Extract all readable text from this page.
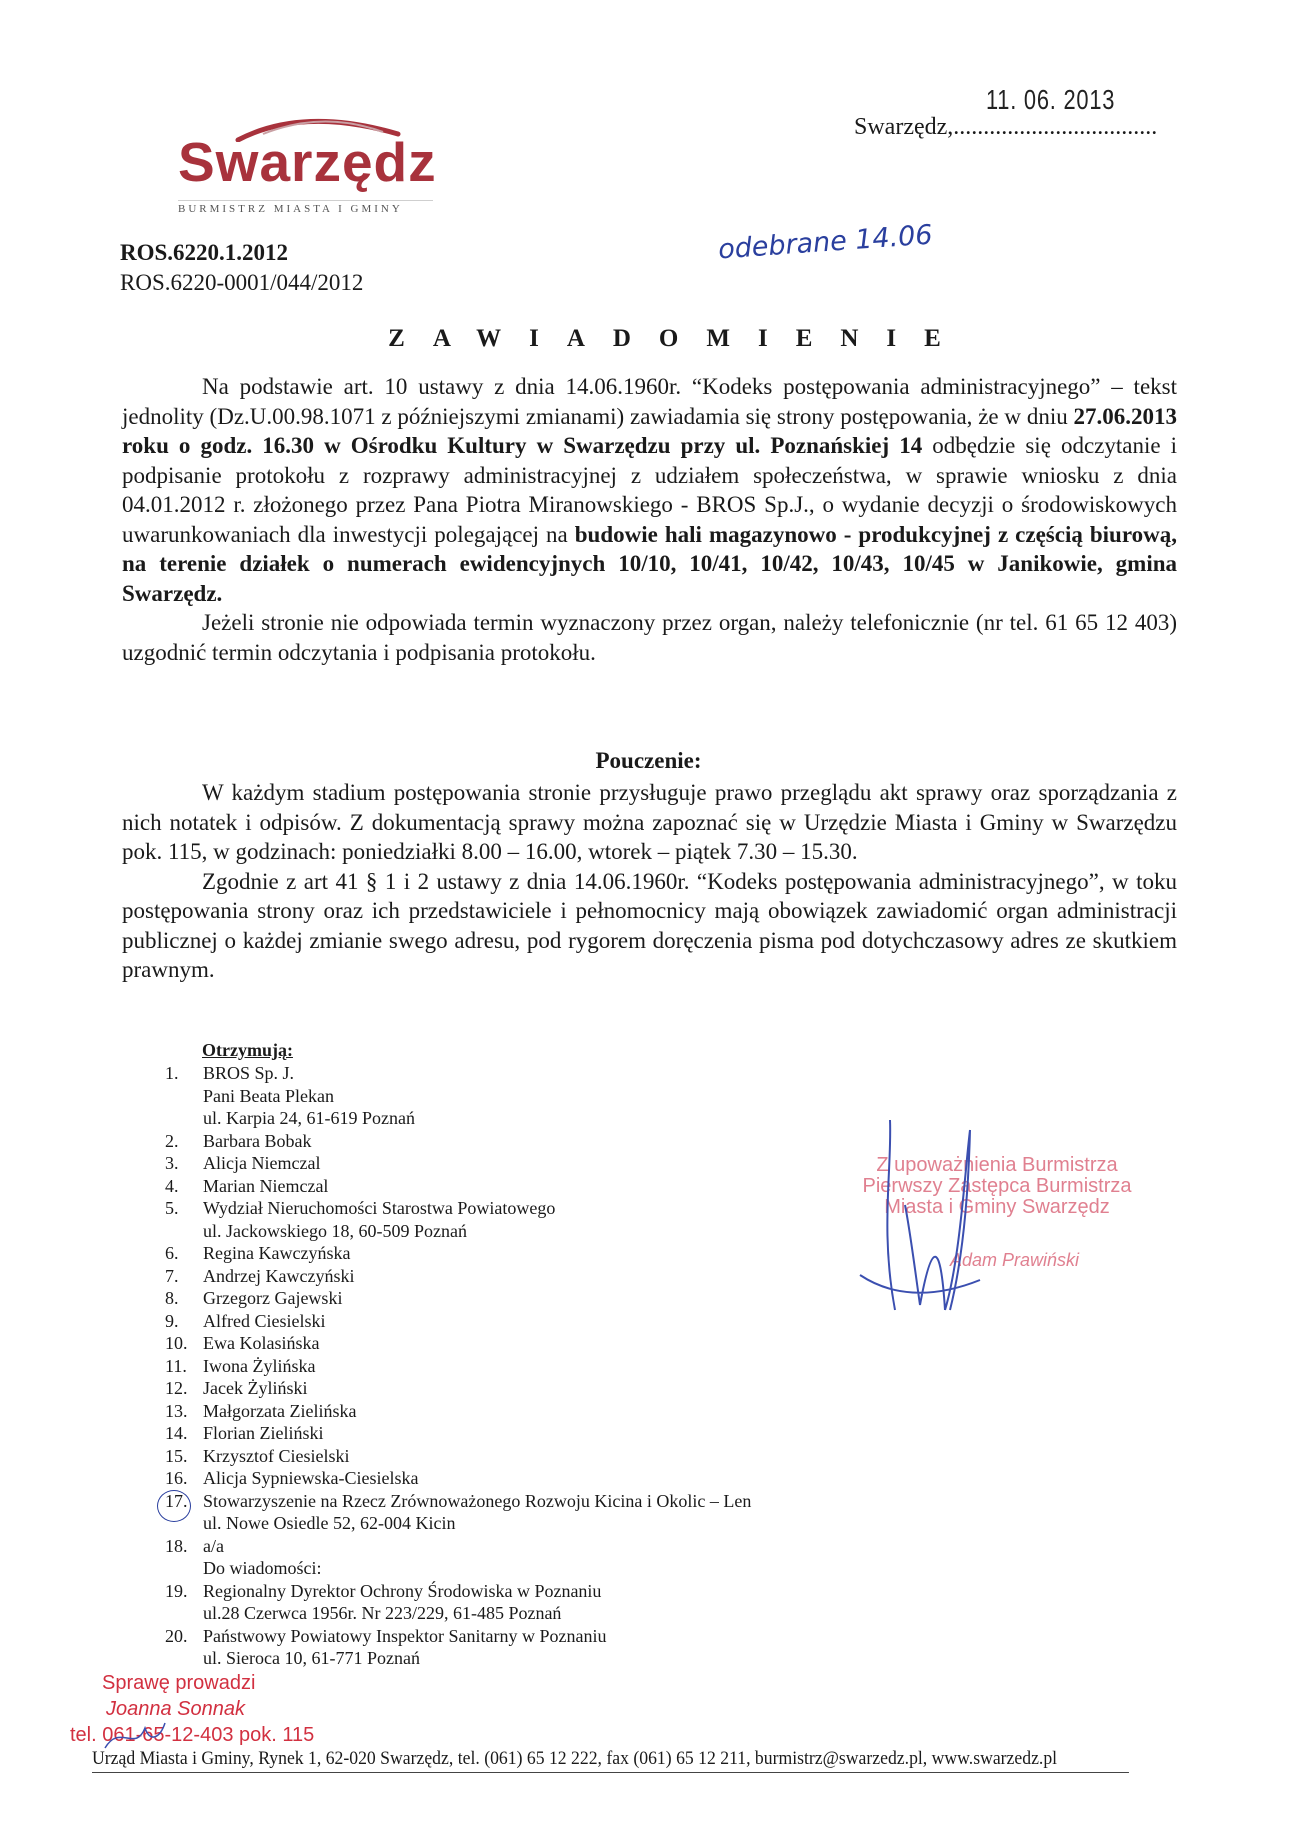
Swarzędz
BURMISTRZ MIASTA I GMINY
11. 06. 2013
Swarzędz,..................................
odebrane 14.06
ROS.6220.1.2012
ROS.6220-0001/044/2012
ZAWIADOMIENIE

Na podstawie art. 10 ustawy z dnia 14.06.1960r. “Kodeks postępowania administracyjnego” – tekst jednolity (Dz.U.00.98.1071 z późniejszymi zmianami) zawiadamia się strony postępowania, że w dniu 27.06.2013 roku o godz. 16.30 w Ośrodku Kultury w Swarzędzu przy ul. Poznańskiej 14 odbędzie się odczytanie i podpisanie protokołu z rozprawy administracyjnej z udziałem społeczeństwa, w sprawie wniosku z dnia 04.01.2012 r. złożonego przez Pana Piotra Miranowskiego - BROS Sp.J., o wydanie decyzji o środowiskowych uwarunkowaniach dla inwestycji polegającej na budowie hali magazynowo - produkcyjnej z częścią biurową, na terenie działek o numerach ewidencyjnych 10/10, 10/41, 10/42, 10/43, 10/45 w Janikowie, gmina Swarzędz.

Jeżeli stronie nie odpowiada termin wyznaczony przez organ, należy telefonicznie (nr tel. 61 65 12 403) uzgodnić termin odczytania i podpisania protokołu.

Pouczenie:

W każdym stadium postępowania stronie przysługuje prawo przeglądu akt sprawy oraz sporządzania z nich notatek i odpisów. Z dokumentacją sprawy można zapoznać się w Urzędzie Miasta i Gminy w Swarzędzu pok. 115, w godzinach: poniedziałki 8.00 – 16.00, wtorek – piątek 7.30 – 15.30.

Zgodnie z art 41 § 1 i 2 ustawy z dnia 14.06.1960r. “Kodeks postępowania administracyjnego”, w toku postępowania strony oraz ich przedstawiciele i pełnomocnicy mają obowiązek zawiadomić organ administracji publicznej o każdej zmianie swego adresu, pod rygorem doręczenia pisma pod dotychczasowy adres ze skutkiem prawnym.

Otrzymują:
1.	BROS Sp. J.
Pani Beata Plekan
ul. Karpia 24, 61-619 Poznań
2.	Barbara Bobak
3.	Alicja Niemczal
4.	Marian Niemczal
5.	Wydział Nieruchomości Starostwa Powiatowego
ul. Jackowskiego 18, 60-509 Poznań
6.	Regina Kawczyńska
7.	Andrzej Kawczyński
8.	Grzegorz Gajewski
9.	Alfred Ciesielski
10. Ewa Kolasińska
11. Iwona Żylińska
12. Jacek Żyliński
13. Małgorzata Zielińska
14. Florian Zieliński
15. Krzysztof Ciesielski
16. Alicja Sypniewska-Ciesielska
17. Stowarzyszenie na Rzecz Zrównoważonego Rozwoju Kicina i Okolic – Len
ul. Nowe Osiedle 52, 62-004 Kicin
18. a/a
Do wiadomości:
19. Regionalny Dyrektor Ochrony Środowiska w Poznaniu
ul.28 Czerwca 1956r. Nr 223/229, 61-485 Poznań
20. Państwowy Powiatowy Inspektor Sanitarny w Poznaniu
ul. Sieroca 10, 61-771 Poznań
Z upoważnienia Burmistrza
Pierwszy Zastępca Burmistrza
Miasta i Gminy Swarzędz
Adam Prawiński
Sprawę prowadzi
Joanna Sonnak
tel. 061-65-12-403 pok. 115
Urząd Miasta i Gminy, Rynek 1, 62-020 Swarzędz, tel. (061) 65 12 222, fax (061) 65 12 211, burmistrz@swarzedz.pl, www.swarzedz.pl
